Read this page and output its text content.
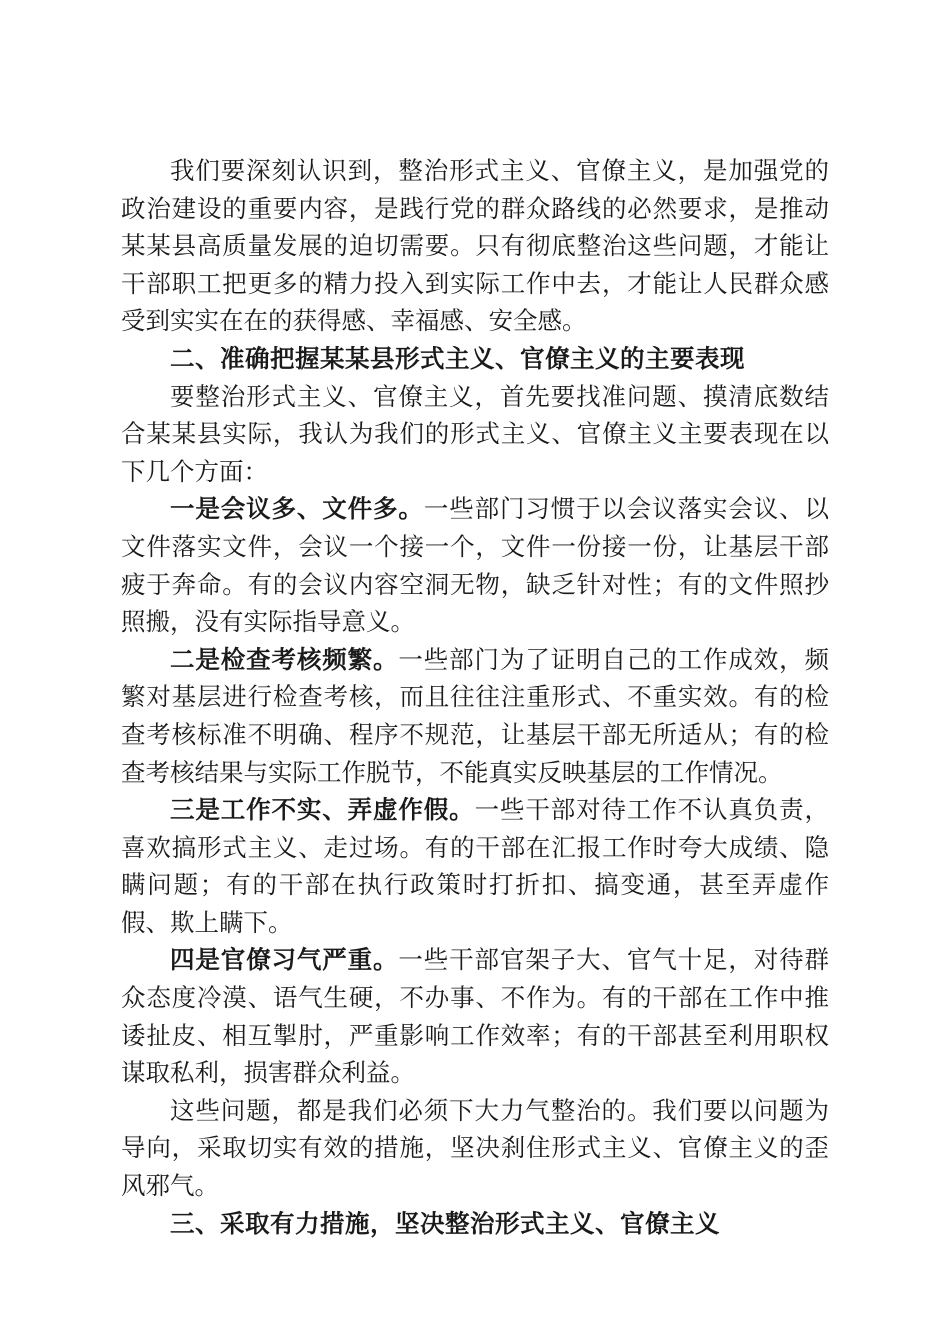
我们要深刻认识到，整治形式主义、官僚主义，是加强党的政治建设的重要内容，是践行党的群众路线的必然要求，是推动某某县高质量发展的迫切需要。只有彻底整治这些问题，才能让干部职工把更多的精力投入到实际工作中去，才能让人民群众感受到实实在在的获得感、幸福感、安全感。

二、准确把握某某县形式主义、官僚主义的主要表现

要整治形式主义、官僚主义，首先要找准问题、摸清底数结合某某县实际，我认为我们的形式主义、官僚主义主要表现在以下几个方面：

一是会议多、文件多。一些部门习惯于以会议落实会议、以文件落实文件，会议一个接一个，文件一份接一份，让基层干部疲于奔命。有的会议内容空洞无物，缺乏针对性；有的文件照抄照搬，没有实际指导意义。

二是检查考核频繁。一些部门为了证明自己的工作成效，频繁对基层进行检查考核，而且往往注重形式、不重实效。有的检查考核标准不明确、程序不规范，让基层干部无所适从；有的检查考核结果与实际工作脱节，不能真实反映基层的工作情况。

三是工作不实、弄虚作假。一些干部对待工作不认真负责，喜欢搞形式主义、走过场。有的干部在汇报工作时夸大成绩、隐瞒问题；有的干部在执行政策时打折扣、搞变通，甚至弄虚作假、欺上瞒下。

四是官僚习气严重。一些干部官架子大、官气十足，对待群众态度冷漠、语气生硬，不办事、不作为。有的干部在工作中推诿扯皮、相互掣肘，严重影响工作效率；有的干部甚至利用职权谋取私利，损害群众利益。

这些问题，都是我们必须下大力气整治的。我们要以问题为导向，采取切实有效的措施，坚决刹住形式主义、官僚主义的歪风邪气。

三、采取有力措施，坚决整治形式主义、官僚主义
